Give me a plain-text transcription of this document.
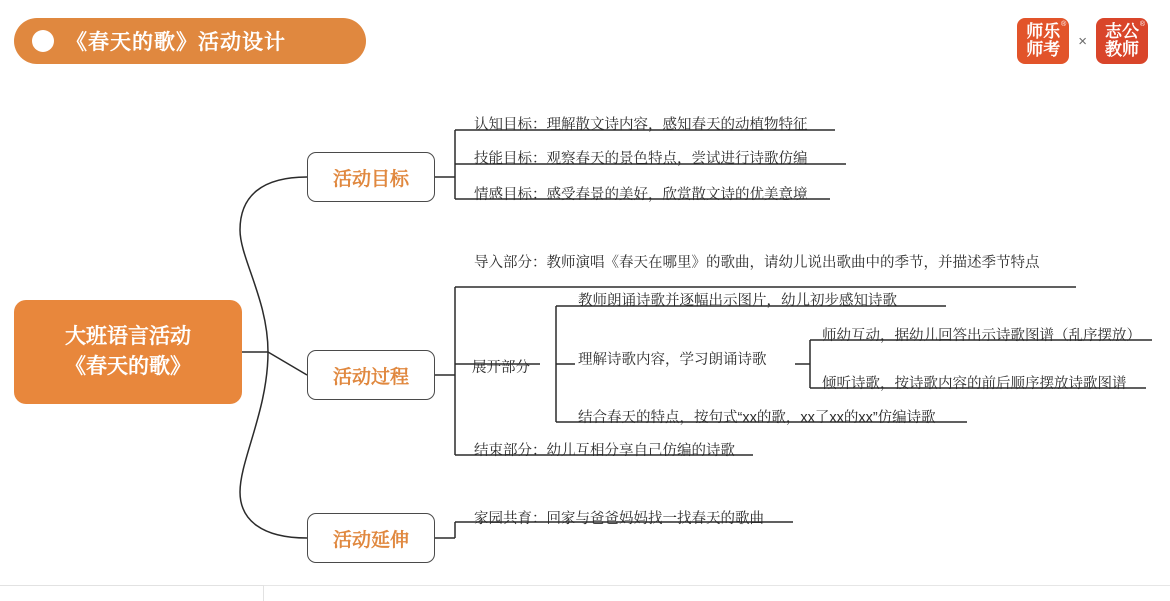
《春天的歌》活动设计
®
师乐
师考 ×
®
志公
教师
大班语言活动
《春天的歌》
活动目标
活动过程
活动延伸
认知目标：理解散文诗内容，感知春天的动植物特征
技能目标：观察春天的景色特点，尝试进行诗歌仿编
情感目标：感受春景的美好，欣赏散文诗的优美意境
导入部分：教师演唱《春天在哪里》的歌曲，请幼儿说出歌曲中的季节，并描述季节特点
展开部分
教师朗诵诗歌并逐幅出示图片，幼儿初步感知诗歌
理解诗歌内容，学习朗诵诗歌
结合春天的特点，按句式“xx的歌，xx了xx的xx”仿编诗歌
师幼互动，据幼儿回答出示诗歌图谱（乱序摆放）
倾听诗歌，按诗歌内容的前后顺序摆放诗歌图谱
结束部分：幼儿互相分享自己仿编的诗歌
家园共育：回家与爸爸妈妈找一找春天的歌曲
